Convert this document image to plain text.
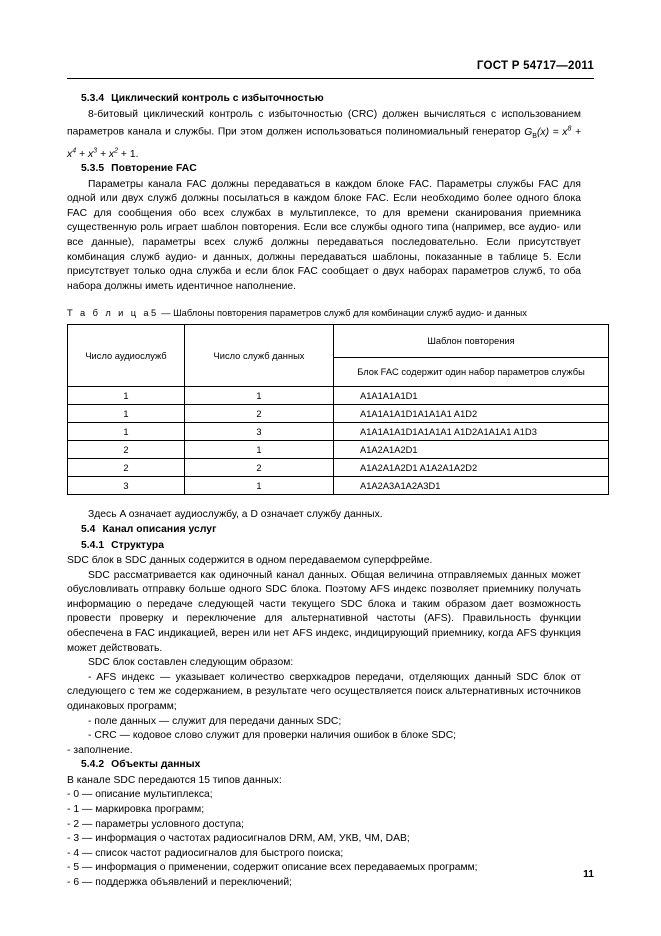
ГОСТ Р 54717—2011
5.3.4 Циклический контроль с избыточностью

8-битовый циклический контроль с избыточностью (CRC) должен вычисляться с использованием параметров канала и службы. При этом должен использоваться полиномиальный генератор $G_B(x) = x^8 + x^4 + x^3 + x^2 + 1$.

5.3.5 Повторение FAC

Параметры канала FAC должны передаваться в каждом блоке FAC. Параметры службы FAC для одной или двух служб должны посылаться в каждом блоке FAC. Если необходимо более одного блока FAC для сообщения обо всех службах в мультиплексе, то для времени сканирования приемника существенную роль играет шаблон повторения. Если все службы одного типа (например, все аудио- или все данные), параметры всех служб должны передаваться последовательно. Если присутствует комбинация служб аудио- и данных, должны передаваться шаблоны, показанные в таблице 5. Если присутствует только одна служба и если блок FAC сообщает о двух наборах параметров служб, то оба набора должны иметь идентичное наполнение.

Т а б л и ц а5 — Шаблоны повторения параметров служб для комбинации служб аудио- и данных

Число аудиослужб	Число служб данных	Шаблон повторения
		Блок FAC содержит один набор параметров службы
1	1	A1A1A1A1D1
1	2	A1A1A1A1D1A1A1A1 A1D2
1	3	A1A1A1A1D1A1A1A1 A1D2A1A1A1 A1D3
2	1	A1A2A1A2D1
2	2	A1A2A1A2D1 A1A2A1A2D2
3	1	A1A2A3A1A2A3D1

Здесь A означает аудиослужбу, а D означает службу данных.

5.4 Канал описания услуг
5.4.1 Структура

SDC блок в SDC данных содержится в одном передаваемом суперфрейме.

SDC рассматривается как одиночный канал данных. Общая величина отправляемых данных может обусловливать отправку больше одного SDC блока. Поэтому AFS индекс позволяет приемнику получать информацию о передаче следующей части текущего SDC блока и таким образом дает возможность провести проверку и переключение для альтернативной частоты (AFS). Правильность функции обеспечена в FAC индикацией, верен или нет AFS индекс, индицирующий приемнику, когда AFS функция может действовать.

SDC блок составлен следующим образом:

- AFS индекс — указывает количество сверхкадров передачи, отделяющих данный SDC блок от следующего с тем же содержанием, в результате чего осуществляется поиск альтернативных источников одинаковых программ;

- поле данных — служит для передачи данных SDC;

- CRC — кодовое слово служит для проверки наличия ошибок в блоке SDC;

- заполнение.

5.4.2 Объекты данных

В канале SDC передаются 15 типов данных:

- 0 — описание мультиплекса;

- 1 — маркировка программ;

- 2 — параметры условного доступа;

- 3 — информация о частотах радиосигналов DRM, AM, УКВ, ЧМ, DAB;

- 4 — список частот радиосигналов для быстрого поиска;

- 5 — информация о применении, содержит описание всех передаваемых программ;

- 6 — поддержка объявлений и переключений;

11
